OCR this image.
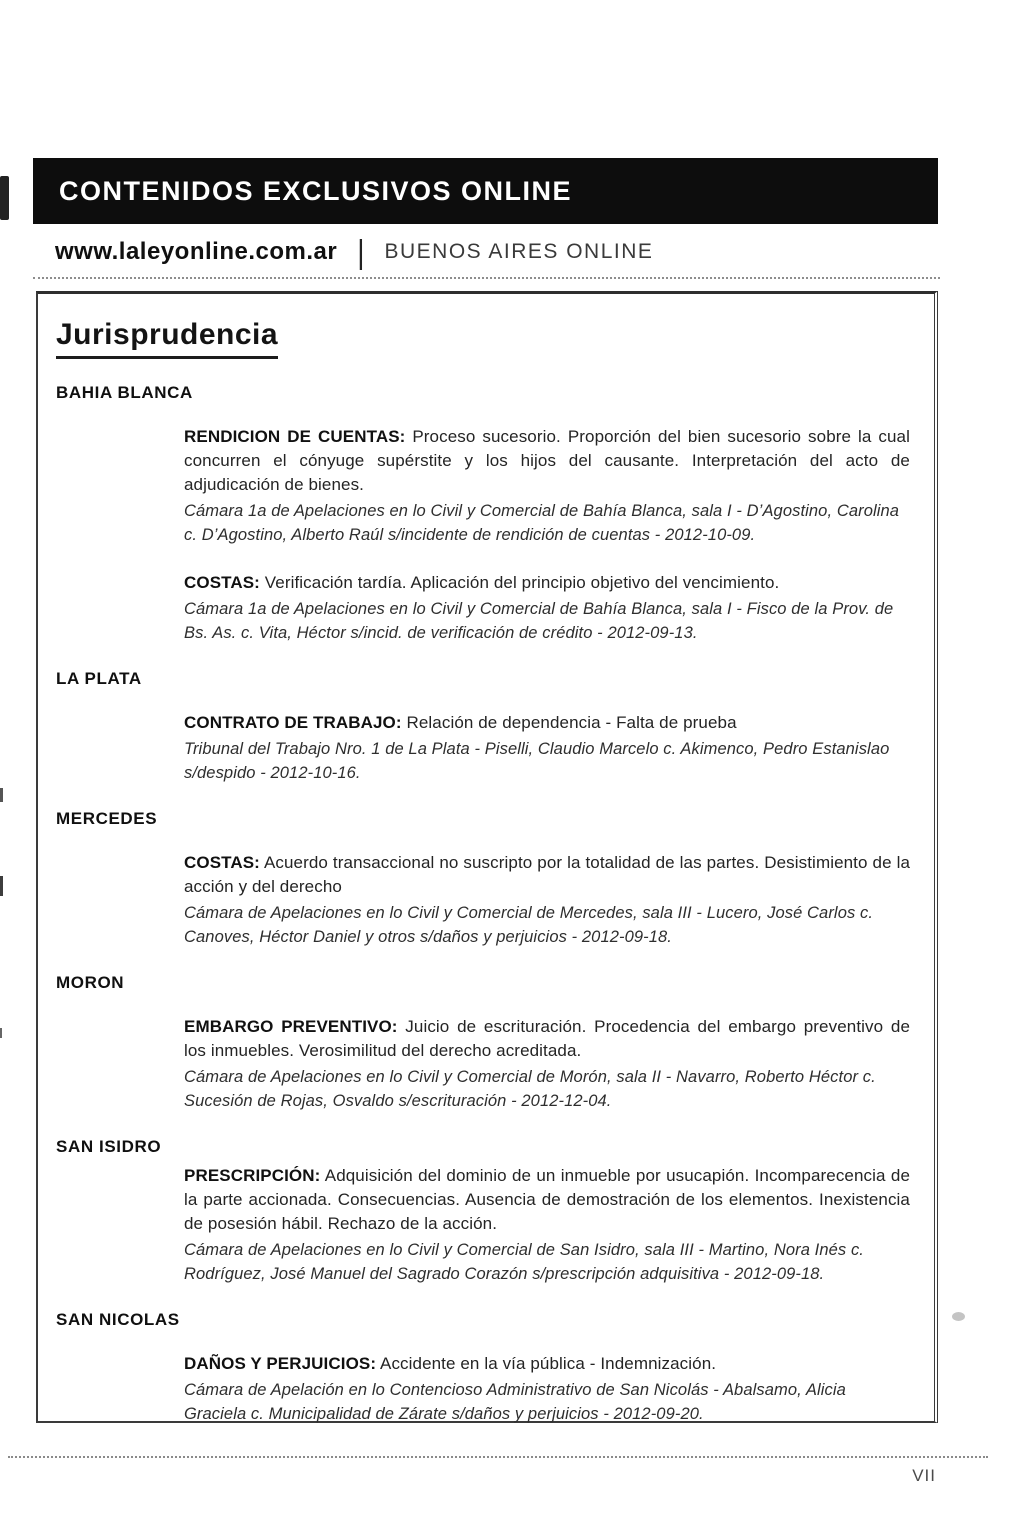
CONTENIDOS EXCLUSIVOS ONLINE
www.laleyonline.com.ar | BUENOS AIRES ONLINE
Jurisprudencia
BAHIA BLANCA

RENDICION DE CUENTAS: Proceso sucesorio. Proporción del bien sucesorio sobre la cual concurren el cónyuge supérstite y los hijos del causante. Interpretación del acto de adjudicación de bienes.

Cámara 1a de Apelaciones en lo Civil y Comercial de Bahía Blanca, sala I - D’Agostino, Carolina c. D’Agostino, Alberto Raúl s/incidente de rendición de cuentas - 2012-10-09.

COSTAS: Verificación tardía. Aplicación del principio objetivo del vencimiento.

Cámara 1a de Apelaciones en lo Civil y Comercial de Bahía Blanca, sala I - Fisco de la Prov. de Bs. As. c. Vita, Héctor s/incid. de verificación de crédito - 2012-09-13.

LA PLATA

CONTRATO DE TRABAJO: Relación de dependencia - Falta de prueba

Tribunal del Trabajo Nro. 1 de La Plata - Piselli, Claudio Marcelo c. Akimenco, Pedro Estanislao s/despido - 2012-10-16.

MERCEDES

COSTAS: Acuerdo transaccional no suscripto por la totalidad de las partes. Desistimiento de la acción y del derecho

Cámara de Apelaciones en lo Civil y Comercial de Mercedes, sala III - Lucero, José Carlos c. Canoves, Héctor Daniel y otros s/daños y perjuicios - 2012-09-18.

MORON

EMBARGO PREVENTIVO: Juicio de escrituración. Procedencia del embargo preventivo de los inmuebles. Verosimilitud del derecho acreditada.

Cámara de Apelaciones en lo Civil y Comercial de Morón, sala II - Navarro, Roberto Héctor c. Sucesión de Rojas, Osvaldo s/escrituración - 2012-12-04.

SAN ISIDRO

PRESCRIPCIÓN: Adquisición del dominio de un inmueble por usucapión. Incomparecencia de la parte accionada. Consecuencias. Ausencia de demostración de los elementos. Inexistencia de posesión hábil. Rechazo de la acción.

Cámara de Apelaciones en lo Civil y Comercial de San Isidro, sala III - Martino, Nora Inés c. Rodríguez, José Manuel del Sagrado Corazón s/prescripción adquisitiva - 2012-09-18.

SAN NICOLAS

DAÑOS Y PERJUICIOS: Accidente en la vía pública - Indemnización.

Cámara de Apelación en lo Contencioso Administrativo de San Nicolás - Abalsamo, Alicia Graciela c. Municipalidad de Zárate s/daños y perjuicios - 2012-09-20.

VII
